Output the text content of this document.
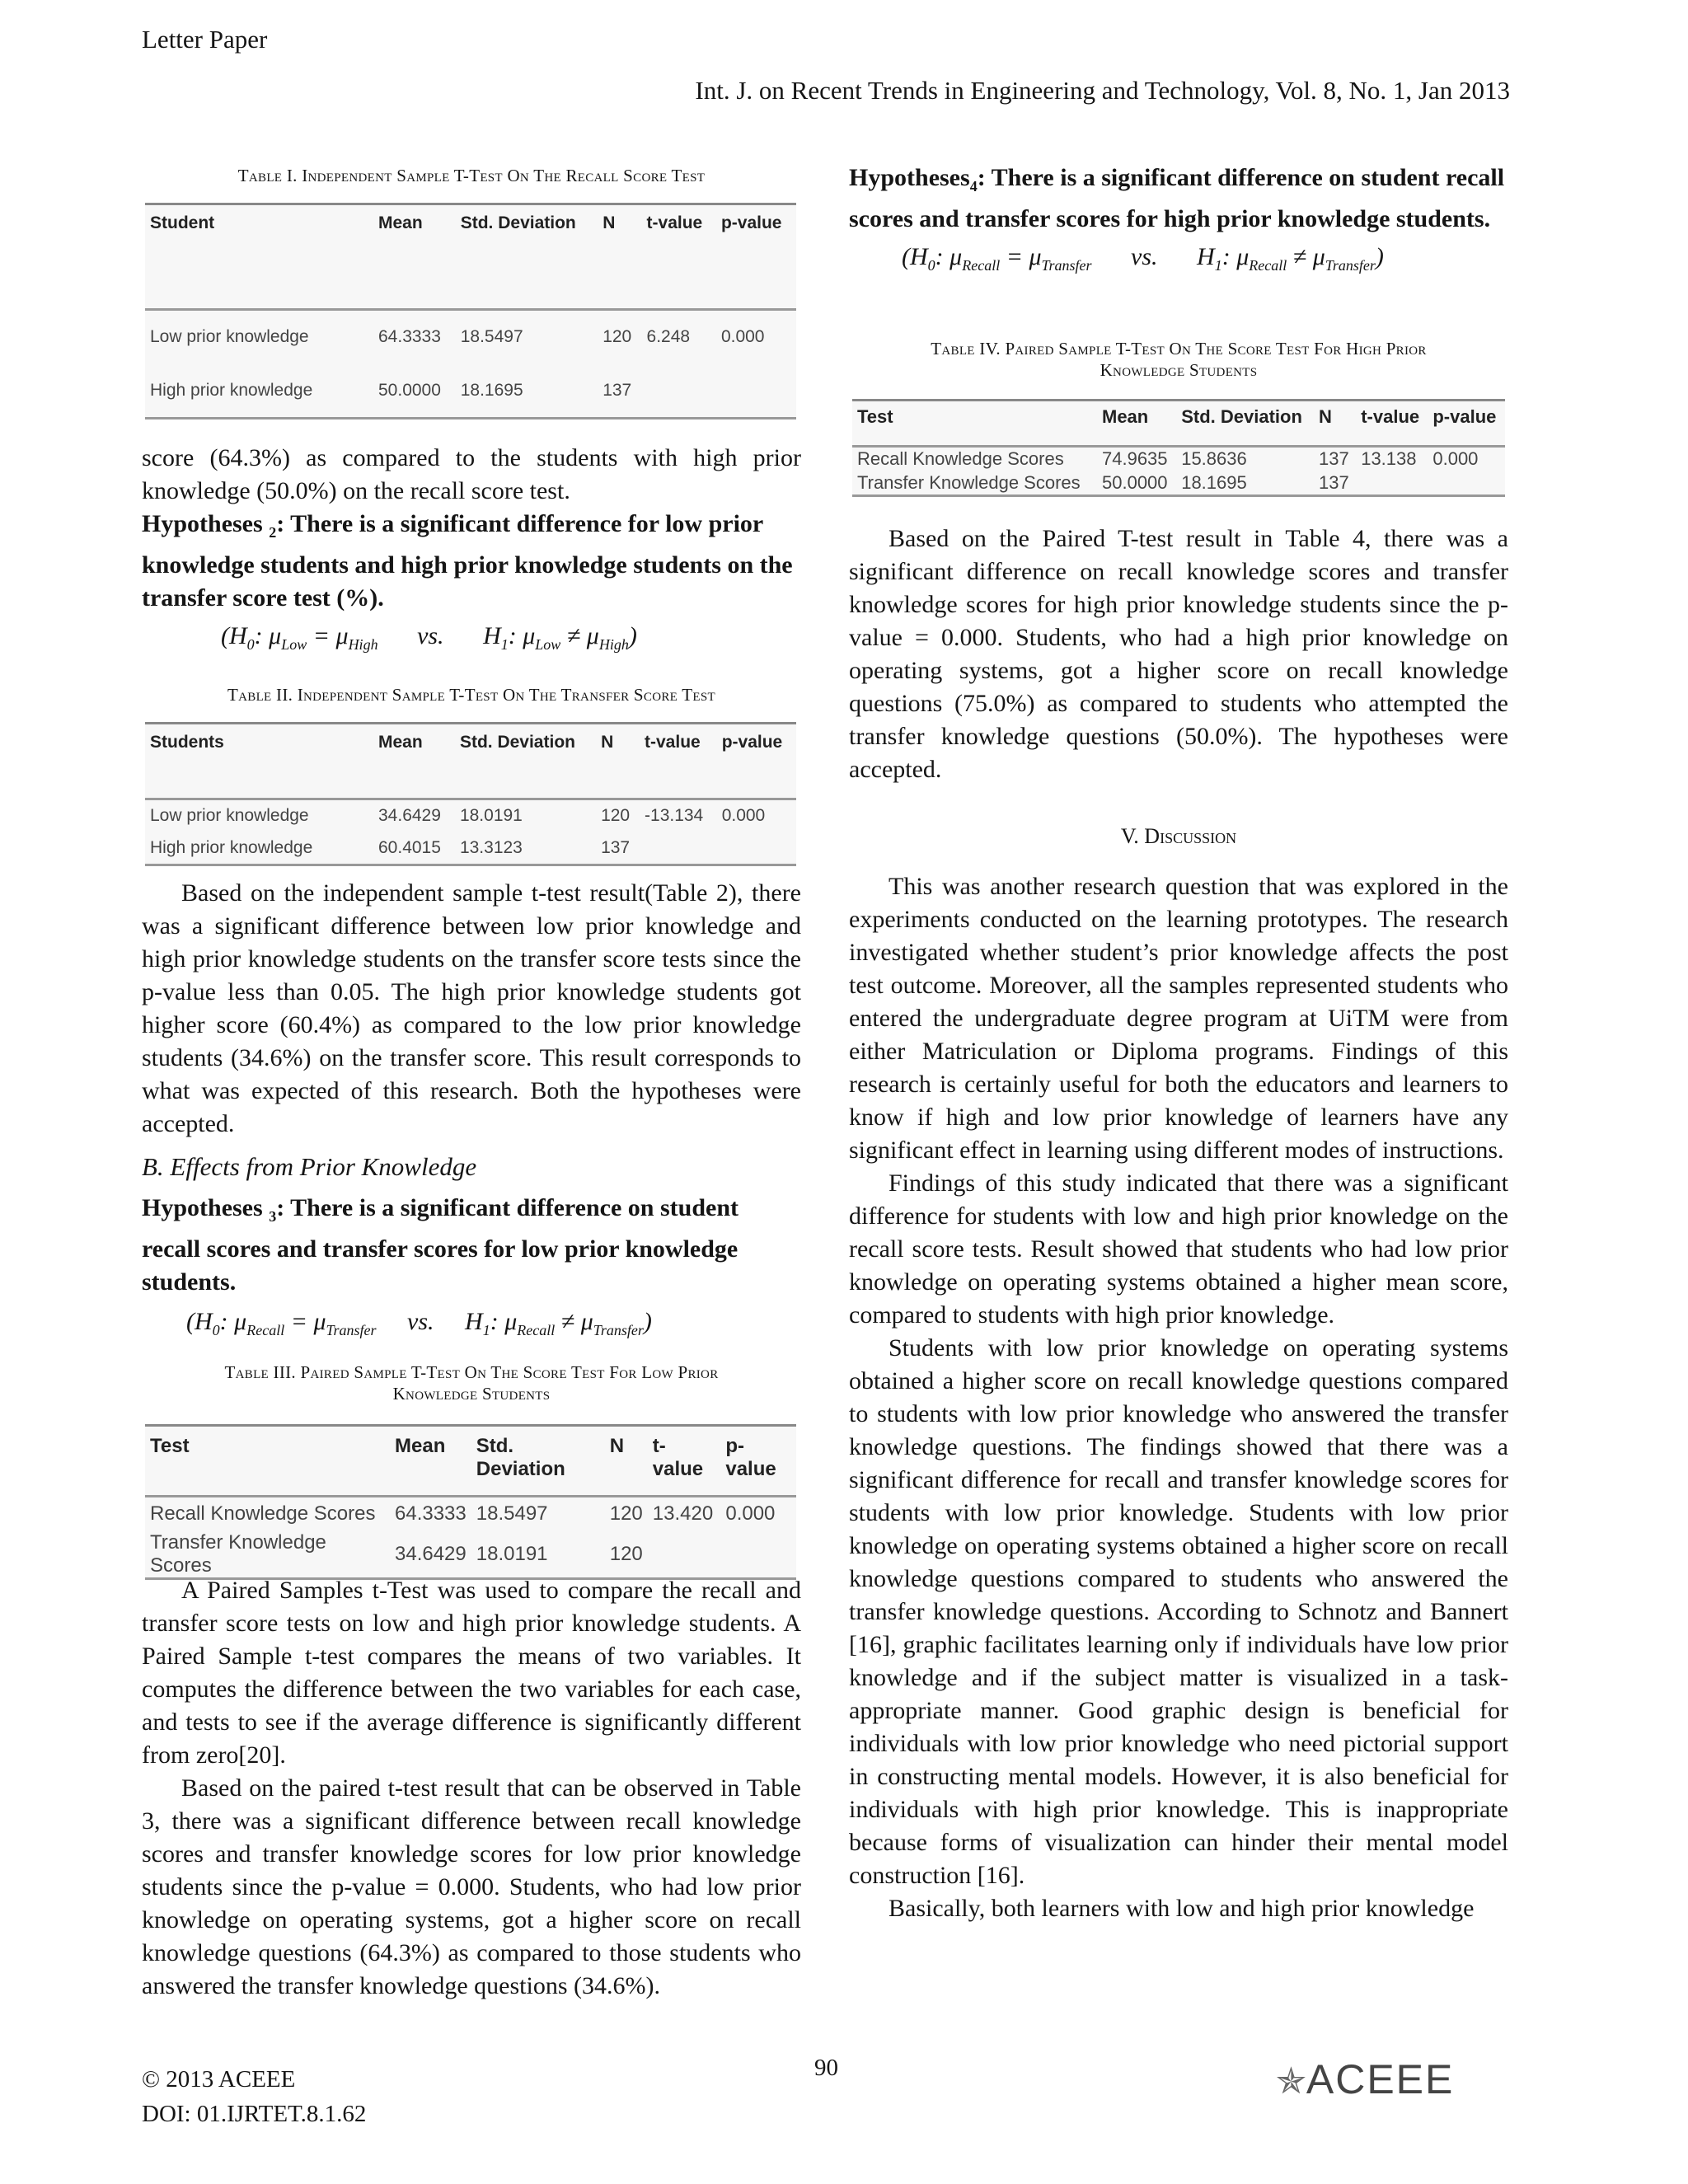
Letter Paper
Int. J. on Recent Trends in Engineering and Technology, Vol. 8, No. 1, Jan 2013
Table I. Independent Sample T-Test On The Recall Score Test
Student	Mean	Std. Deviation	N	t-value	p-value
Low prior knowledge	64.3333	18.5497	120	6.248	0.000
High prior knowledge	50.0000	18.1695	137		

score (64.3%) as compared to the students with high prior knowledge (50.0%) on the recall score test.

Hypotheses $_2$: There is a significant difference for low prior knowledge students and high prior knowledge students on the transfer score test (%).
($H_0$: $\mu_{Low} = \mu_{High}$ vs. $H_1$: $\mu_{Low} \ne \mu_{High}$)
Table II. Independent Sample T-Test On The Transfer Score Test
Students	Mean	Std. Deviation	N	t-value	p-value
Low prior knowledge	34.6429	18.0191	120	-13.134	0.000
High prior knowledge	60.4015	13.3123	137		

Based on the independent sample t-test result(Table 2), there was a significant difference between low prior knowledge and high prior knowledge students on the transfer score tests since the p-value less than 0.05. The high prior knowledge students got higher score (60.4%) as compared to the low prior knowledge students (34.6%) on the transfer score. This result corresponds to what was expected of this research. Both the hypotheses were accepted.

B. Effects from Prior Knowledge
Hypotheses $_3$: There is a significant difference on student recall scores and transfer scores for low prior knowledge students.
($H_0$: $\mu_{Recall} = \mu_{Transfer}$ vs. $H_1$: $\mu_{Recall} \ne \mu_{Transfer}$)
Table III. Paired Sample T-Test On The Score Test For Low Prior
Knowledge Students
Test	Mean	Std. Deviation	N	t-value	p-value
Recall Knowledge Scores	64.3333	18.5497	120	13.420	0.000
Transfer Knowledge Scores	34.6429	18.0191	120		

A Paired Samples t-Test was used to compare the recall and transfer score tests on low and high prior knowledge students. A Paired Sample t-test compares the means of two variables. It computes the difference between the two variables for each case, and tests to see if the average difference is significantly different from zero[20].

Based on the paired t-test result that can be observed in Table 3, there was a significant difference between recall knowledge scores and transfer knowledge scores for low prior knowledge students since the p-value = 0.000. Students, who had low prior knowledge on operating systems, got a higher score on recall knowledge questions (64.3%) as compared to those students who answered the transfer knowledge questions (34.6%).

Hypotheses$_4$: There is a significant difference on student recall scores and transfer scores for high prior knowledge students.
($H_0$: $\mu_{Recall} = \mu_{Transfer}$ vs. $H_1$: $\mu_{Recall} \ne \mu_{Transfer}$)
Table IV. Paired Sample T-Test On The Score Test For High Prior
Knowledge Students
Test	Mean	Std. Deviation	N	t-value	p-value
Recall Knowledge Scores	74.9635	15.8636	137	13.138	0.000
Transfer Knowledge Scores	50.0000	18.1695	137		

Based on the Paired T-test result in Table 4, there was a significant difference on recall knowledge scores and transfer knowledge scores for high prior knowledge students since the p-value = 0.000. Students, who had a high prior knowledge on operating systems, got a higher score on recall knowledge questions (75.0%) as compared to students who attempted the transfer knowledge questions (50.0%). The hypotheses were accepted.

V. Discussion

This was another research question that was explored in the experiments conducted on the learning prototypes. The research investigated whether student’s prior knowledge affects the post test outcome. Moreover, all the samples represented students who entered the undergraduate degree program at UiTM were from either Matriculation or Diploma programs. Findings of this research is certainly useful for both the educators and learners to know if high and low prior knowledge of learners have any significant effect in learning using different modes of instructions.

Findings of this study indicated that there was a significant difference for students with low and high prior knowledge on the recall score tests. Result showed that students who had low prior knowledge on operating systems obtained a higher mean score, compared to students with high prior knowledge.

Students with low prior knowledge on operating systems obtained a higher score on recall knowledge questions compared to students with low prior knowledge who answered the transfer knowledge questions. The findings showed that there was a significant difference for recall and transfer knowledge scores for students with low prior knowledge. Students with low prior knowledge on operating systems obtained a higher score on recall knowledge questions compared to students who answered the transfer knowledge questions. According to Schnotz and Bannert [16], graphic facilitates learning only if individuals have low prior knowledge and if the subject matter is visualized in a task-appropriate manner. Good graphic design is beneficial for individuals with low prior knowledge who need pictorial support in constructing mental models. However, it is also beneficial for individuals with high prior knowledge. This is inappropriate because forms of visualization can hinder their mental model construction [16].

Basically, both learners with low and high prior knowledge

© 2013 ACEEE
DOI: 01.IJRTET.8.1.62
90	✯ACEEE
